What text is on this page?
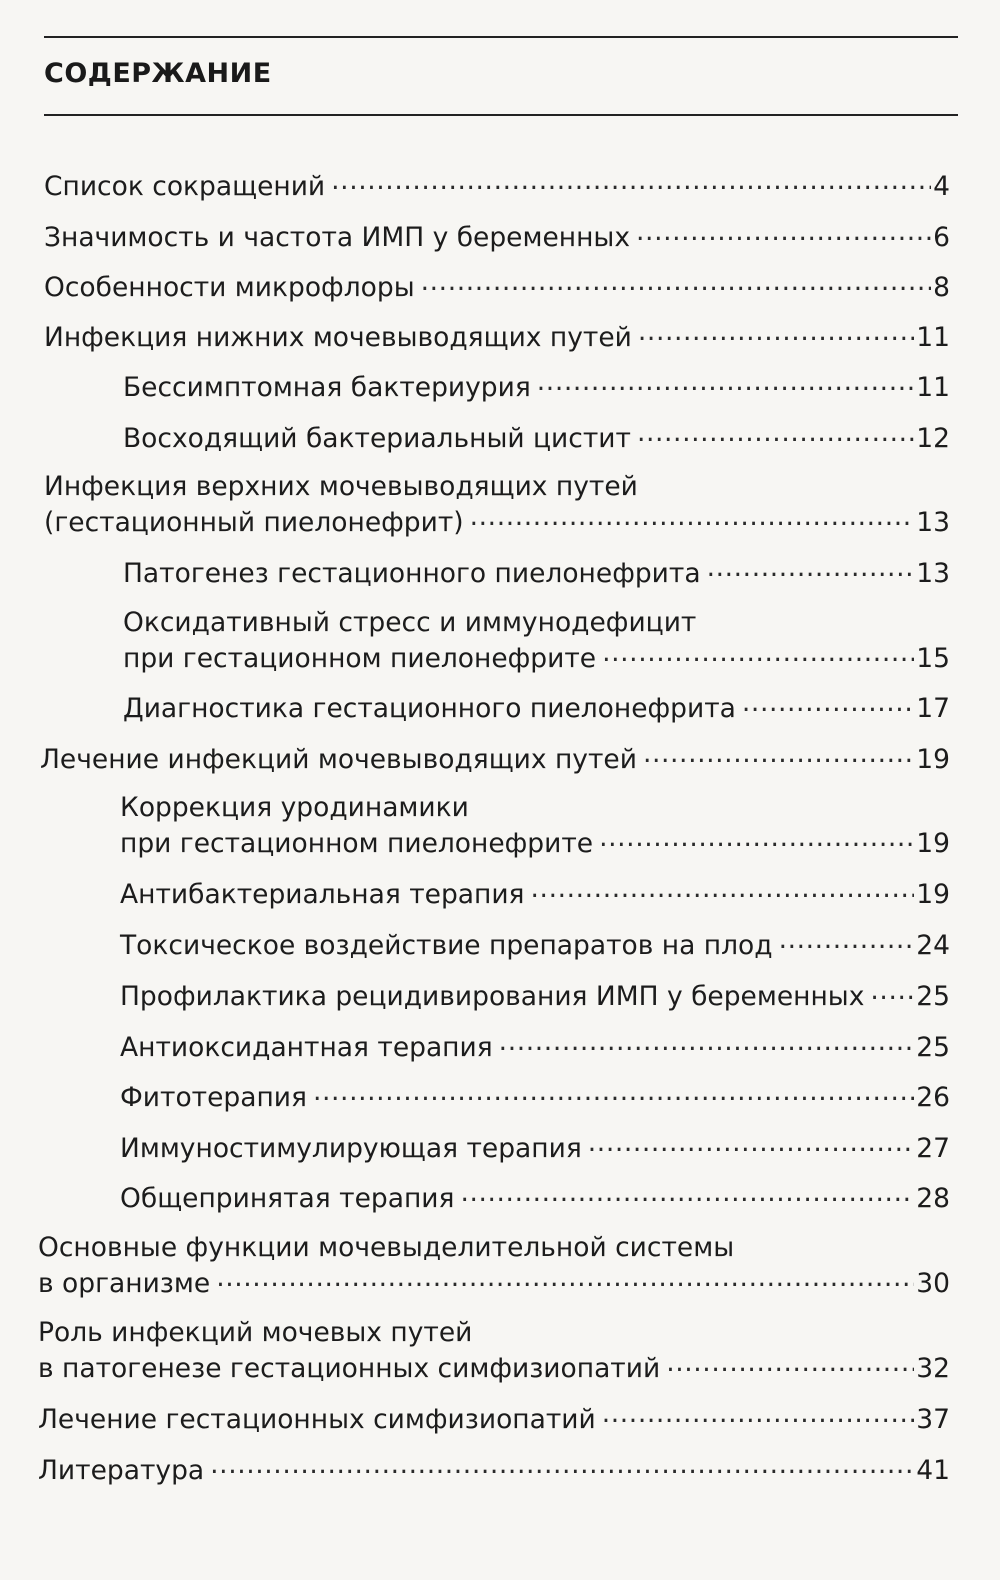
СОДЕРЖАНИЕ
Список сокращений .....	4
Значимость и частота ИМП у беременных .....	6
Особенности микрофлоры .....	8
Инфекция нижних мочевыводящих путей .....	11
Бессимптомная бактериурия .....	11
Восходящий бактериальный цистит .....	12
Инфекция верхних мочевыводящих путей
(гестационный пиелонефрит) .....	13
Патогенез гестационного пиелонефрита .....	13
Оксидативный стресс и иммунодефицит
при гестационном пиелонефрите .....	15
Диагностика гестационного пиелонефрита .....	17
Лечение инфекций мочевыводящих путей .....	19
Коррекция уродинамики
при гестационном пиелонефрите .....	19
Антибактериальная терапия .....	19
Токсическое воздействие препаратов на плод .....	24
Профилактика рецидивирования ИМП у беременных ..... 25
Антиоксидантная терапия .....	25
Фитотерапия .....	26
Иммуностимулирующая терапия .....	27
Общепринятая терапия .....	28
Основные функции мочевыделительной системы
в организме .....	30
Роль инфекций мочевых путей
в патогенезе гестационных симфизиопатий .....	32
Лечение гестационных симфизиопатий .....	37
Литература .....	41
